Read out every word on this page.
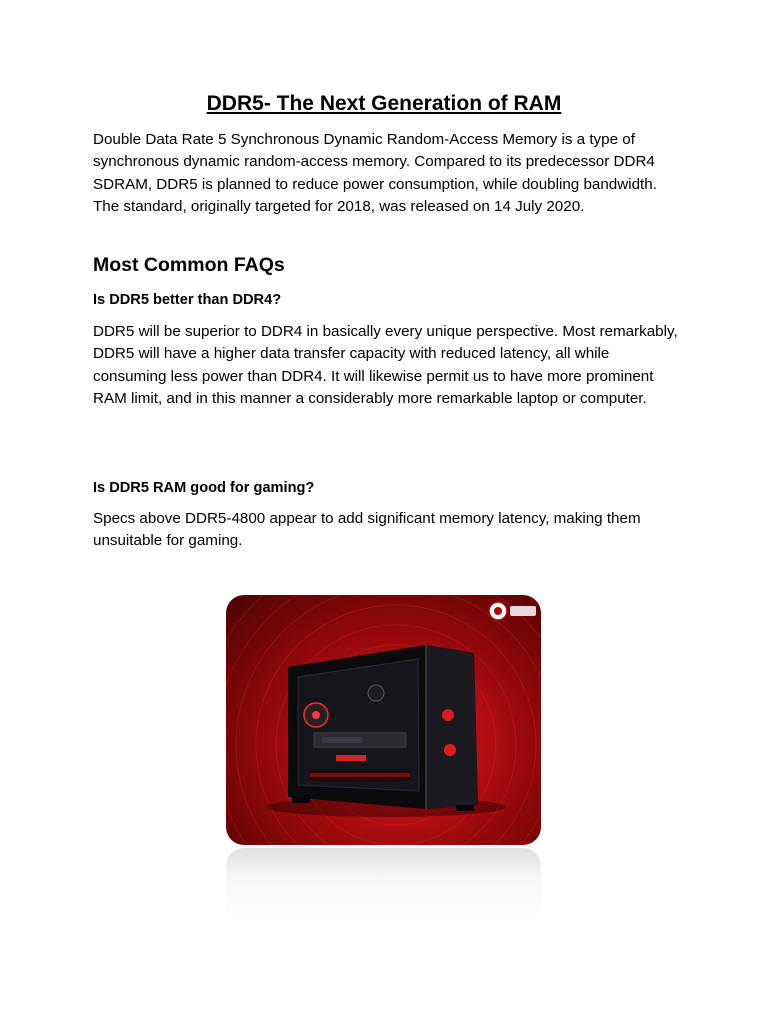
DDR5- The Next Generation of RAM

Double Data Rate 5 Synchronous Dynamic Random-Access Memory is a type of synchronous dynamic random-access memory. Compared to its predecessor DDR4 SDRAM, DDR5 is planned to reduce power consumption, while doubling bandwidth. The standard, originally targeted for 2018, was released on 14 July 2020.

Most Common FAQs
Is DDR5 better than DDR4?

DDR5 will be superior to DDR4 in basically every unique perspective. Most remarkably, DDR5 will have a higher data transfer capacity with reduced latency, all while consuming less power than DDR4. It will likewise permit us to have more prominent RAM limit, and in this manner a considerably more remarkable laptop or computer.

Is DDR5 RAM good for gaming?

Specs above DDR5-4800 appear to add significant memory latency, making them unsuitable for gaming.
